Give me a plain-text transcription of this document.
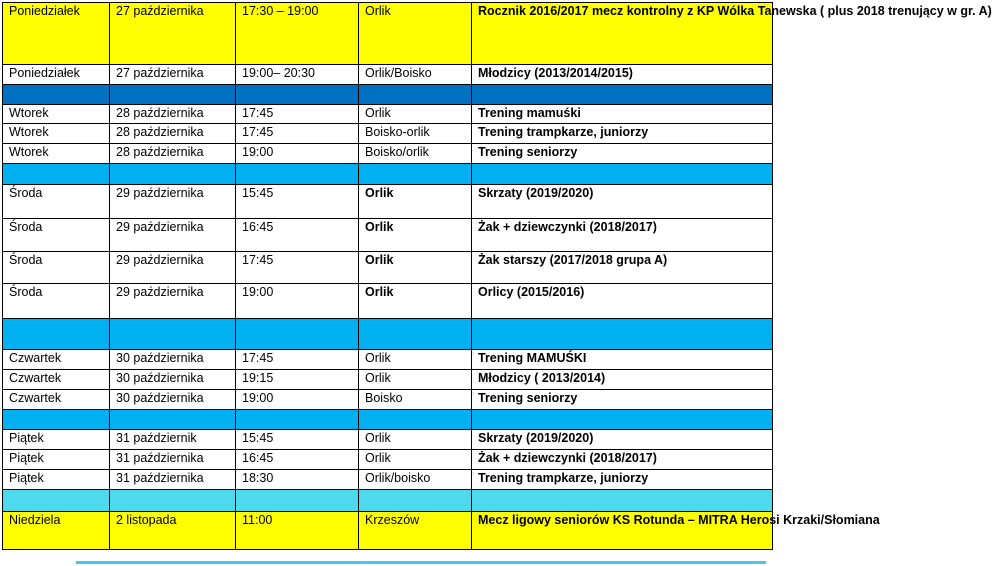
Poniedziałek	27 października	17:30 – 19:00	Orlik	Rocznik 2016/2017 mecz kontrolny z KP Wólka Tanewska ( plus 2018 trenujący w gr. A)
Poniedziałek	27 października	19:00– 20:30	Orlik/Boisko	Młodzicy (2013/2014/2015)

Wtorek	28 października	17:45	Orlik	Trening mamuśki
Wtorek	28 października	17:45	Boisko-orlik	Trening trampkarze, juniorzy
Wtorek	28 października	19:00	Boisko/orlik	Trening seniorzy

Środa	29 października	15:45	Orlik	Skrzaty (2019/2020)
Środa	29 października	16:45	Orlik	Żak + dziewczynki (2018/2017)
Środa	29 października	17:45	Orlik	Żak starszy (2017/2018 grupa A)
Środa	29 października	19:00	Orlik	Orlicy (2015/2016)

Czwartek	30 października	17:45	Orlik	Trening MAMUŚKI
Czwartek	30 października	19:15	Orlik	Młodzicy ( 2013/2014)
Czwartek	30 października	19:00	Boisko	Trening seniorzy

Piątek	31 październik	15:45	Orlik	Skrzaty (2019/2020)
Piątek	31 października	16:45	Orlik	Żak + dziewczynki (2018/2017)
Piątek	31 października	18:30	Orlik/boisko	Trening trampkarze, juniorzy

Niedziela	2 listopada	11:00	Krzeszów	Mecz ligowy seniorów KS Rotunda – MITRA Herosi Krzaki/Słomiana
